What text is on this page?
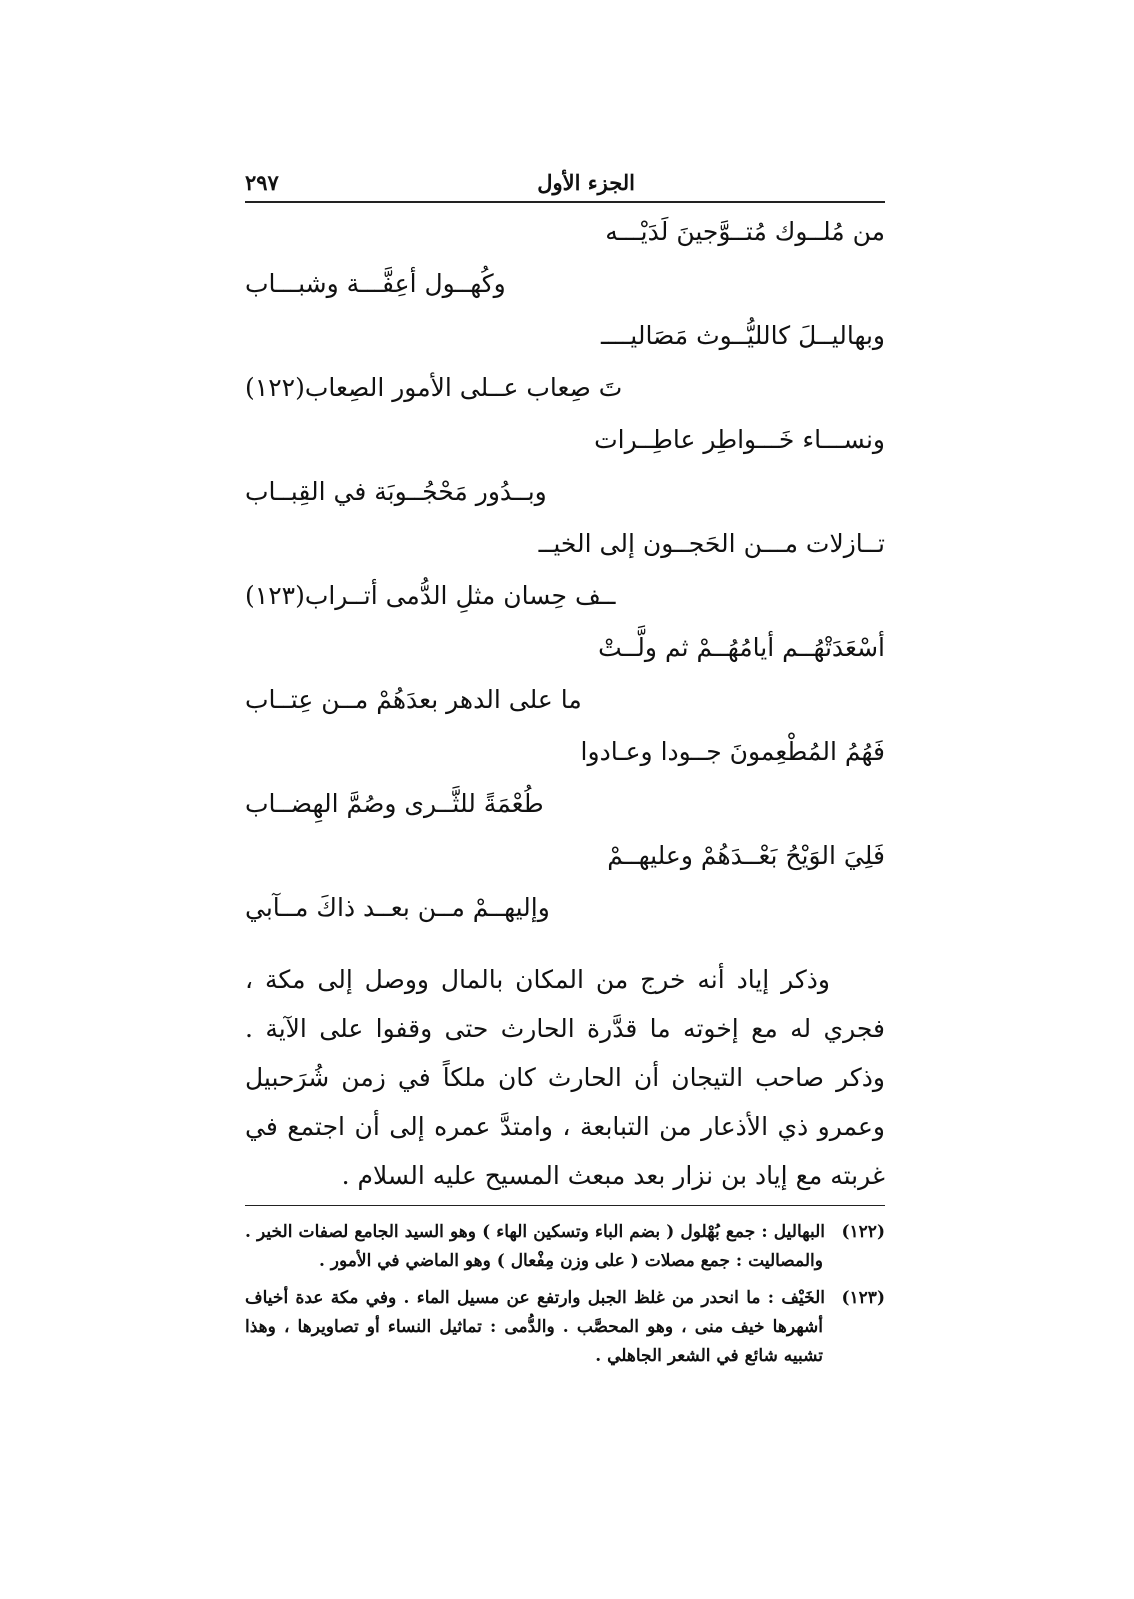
الجزء الأول
٢٩٧
من مُلــوك مُتــوَّجينَ لَدَيْـــه
وكُهــول أعِفَّـــة وشبـــاب
وبهاليــلَ كالليُّــوث مَصَاليــــ
تَ صِعاب عــلى الأمور الصِعاب(١٢٢)
ونســـاء خَـــواطِر عاطِــرات
وبــدُور مَحْجُــوبَة في القِبــاب
تــازلات مـــن الحَجــون إلى الخيــ
ــف حِسان مثلِ الدُّمى أتــراب(١٢٣)
أسْعَدَتْهُــم أيامُهُــمْ ثم ولَّــتْ
ما على الدهر بعدَهُمْ مــن عِتــاب
فَهُمُ المُطْعِمونَ جــودا وعـادوا
طُعْمَةً للثَّــرى وصُمَّ الهِضــاب
فَلِيَ الوَيْحُ بَعْــدَهُمْ وعليهــمْ
وإليهــمْ مــن بعــد ذاكَ مــآبي

وذكر إياد أنه خرج من المكان بالمال ووصل إلى مكة ، فجري له مع إخوته ما قدَّرة الحارث حتى وقفوا على الآية . وذكر صاحب التيجان أن الحارث كان ملكاً في زمن شُرَحبيل وعمرو ذي الأذعار من التبابعة ، وامتدَّ عمره إلى أن اجتمع في غربته مع إياد بن نزار بعد مبعث المسيح عليه السلام .

(١٢٢)البهاليل : جمع بُهْلول ( بضم الباء وتسكين الهاء ) وهو السيد الجامع لصفات الخير . والمصاليت : جمع مصلات ( على وزن مِفْعال ) وهو الماضي في الأمور .
(١٢٣)الخَيْف : ما انحدر من غلظ الجبل وارتفع عن مسيل الماء . وفي مكة عدة أخياف أشهرها خيف منى ، وهو المحصَّب . والدُّمى : تماثيل النساء أو تصاويرها ، وهذا تشبيه شائع في الشعر الجاهلي .
